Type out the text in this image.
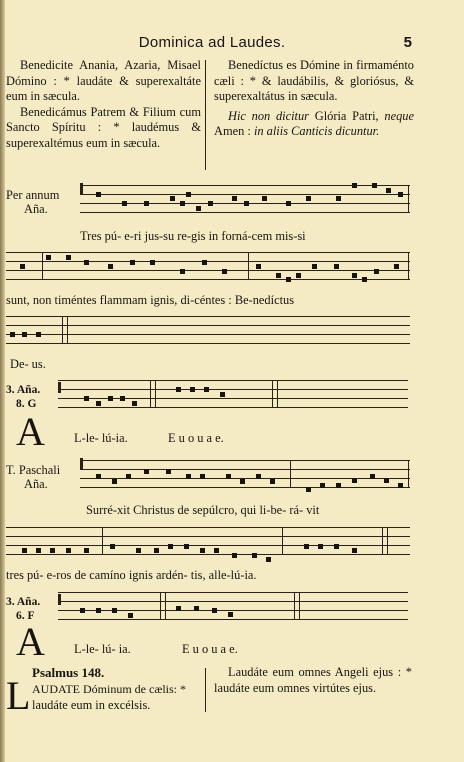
Dominica ad Laudes.	5

Benedicite Anania, Azaria, Misael Dómino : * laudáte & superexaltáte eum in sæcula.

Benedicámus Patrem & Filium cum Sancto Spíritu : * laudémus & superexaltémus eum in sæcula.

Benedíctus es Dómine in firmaménto cæli : * & laudábilis, & gloriósus, & superexaltátus in sæcula.

Hic non dicitur Glória Patri, neque Amen : in aliis Canticis dicuntur.

Per annum
Aña.
Tres pú- e-ri jus-su re-gis in forná-cem mis-si
sunt, non timéntes flammam ignis, di-céntes : Be-nedíctus
De- us.
3. Aña.
8. G
A L-le- lú-ia.	E u o u a e.
T. Paschali
Aña.
Surré-xit Christus de sepúlcro, qui li-be- rá- vit
tres pú- e-ros de camíno ignis ardén- tis, alle-lú-ia.
3. Aña.
6. F
A L-le- lú- ia.	E u o u a e.
Psalmus 148.
L AUDATE Dóminum de cælis: *
laudáte eum in excélsis.

Laudáte eum omnes Angeli ejus : * laudáte eum omnes virtútes ejus.
